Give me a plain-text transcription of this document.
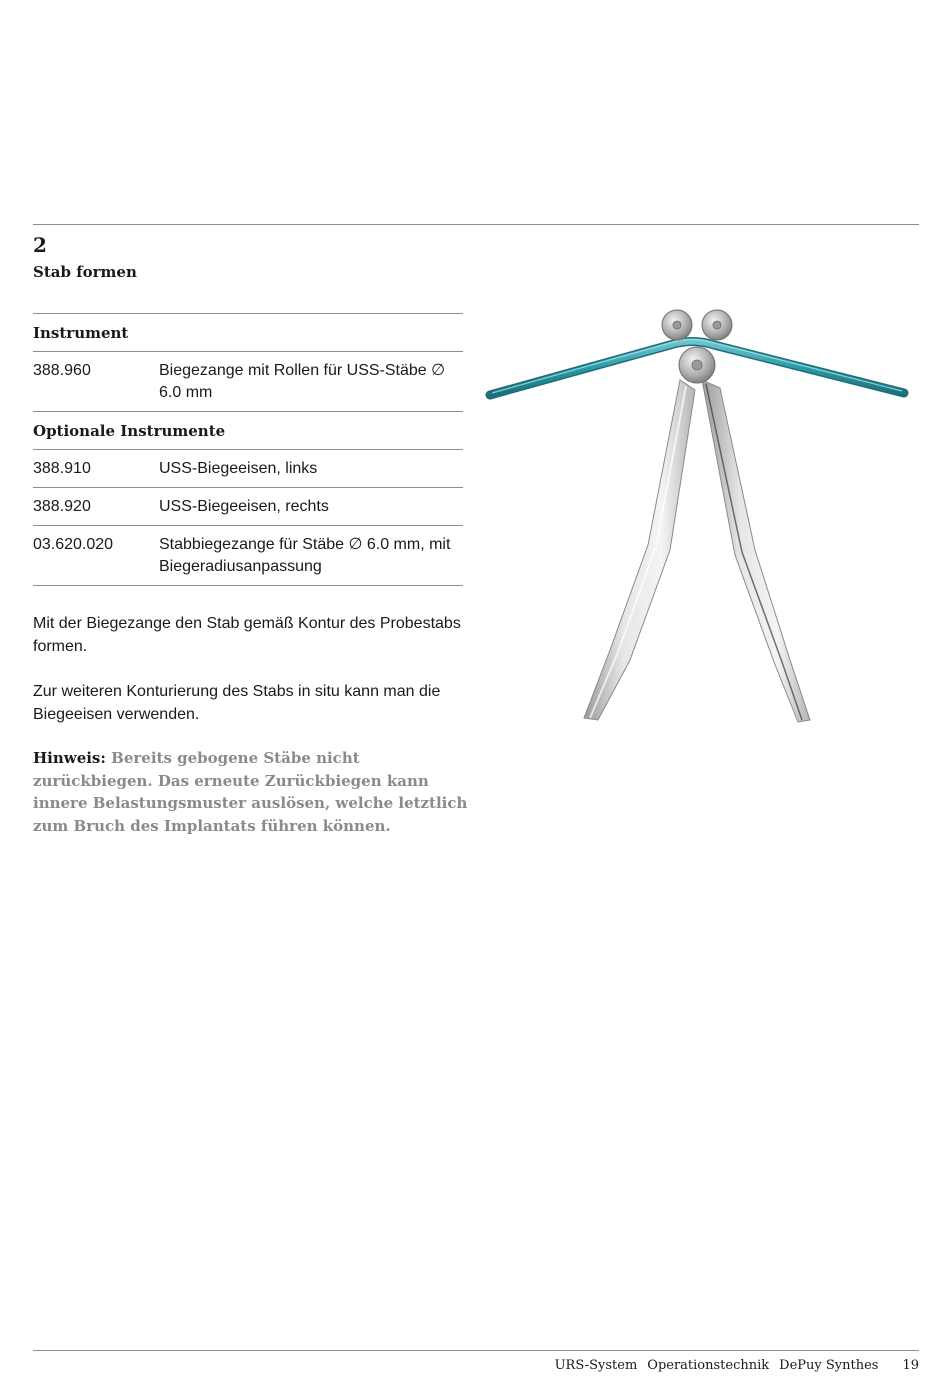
2
Stab formen
Instrument
388.960	Biegezange mit Rollen für USS-Stäbe ∅ 6.0 mm
Optionale Instrumente
388.910	USS-Biegeeisen, links
388.920	USS-Biegeeisen, rechts
03.620.020	Stabbiegezange für Stäbe ∅ 6.0 mm, mit Biegeradiusanpassung
Mit der Biegezange den Stab gemäß Kontur des Probestabs formen.
Zur weiteren Konturierung des Stabs in situ kann man die Biegeeisen verwenden.
Hinweis: Bereits gebogene Stäbe nicht zurückbiegen. Das erneute Zurückbiegen kann innere Belastungsmuster auslösen, welche letztlich zum Bruch des Implantats führen können.
URS-System Operationstechnik DePuy Synthes 19
